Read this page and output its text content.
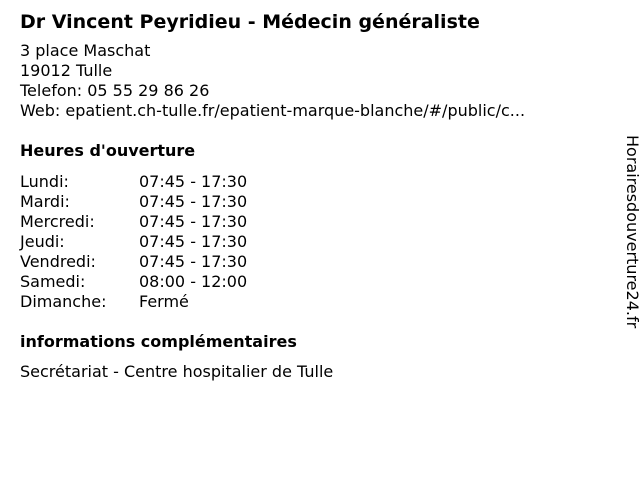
Dr Vincent Peyridieu - Médecin généraliste
3 place Maschat
19012 Tulle
Telefon: 05 55 29 86 26
Web: epatient.ch-tulle.fr/epatient-marque-blanche/#/public/c...
Heures d'ouverture
Lundi:	07:45 - 17:30
Mardi:	07:45 - 17:30
Mercredi:	07:45 - 17:30
Jeudi:	07:45 - 17:30
Vendredi:	07:45 - 17:30
Samedi:	08:00 - 12:00
Dimanche:	Fermé
informations complémentaires
Secrétariat - Centre hospitalier de Tulle
Horairesdouverture24.fr
